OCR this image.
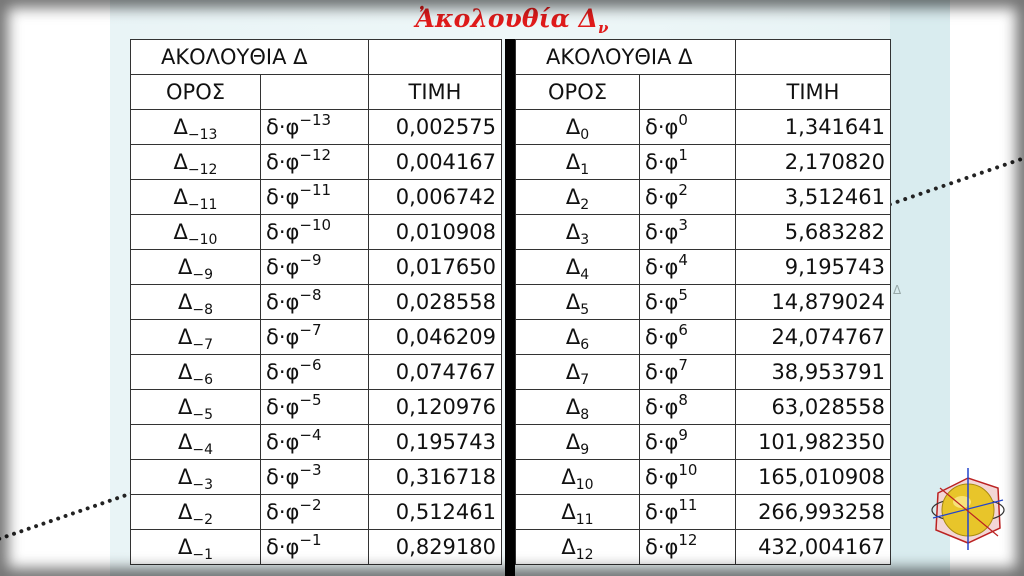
Δ
Ἀκολουθία $\Delta_\nu$
ΑΚΟΛΟΥΘΙΑ Δ		
ΟΡΟΣ		ΤΙΜΗ
$\Delta_{-13}$	$\delta\cdot\varphi^{-13}$	0,002575
$\Delta_{-12}$	$\delta\cdot\varphi^{-12}$	0,004167
$\Delta_{-11}$	$\delta\cdot\varphi^{-11}$	0,006742
$\Delta_{-10}$	$\delta\cdot\varphi^{-10}$	0,010908
$\Delta_{-9}$	$\delta\cdot\varphi^{-9}$	0,017650
$\Delta_{-8}$	$\delta\cdot\varphi^{-8}$	0,028558
$\Delta_{-7}$	$\delta\cdot\varphi^{-7}$	0,046209
$\Delta_{-6}$	$\delta\cdot\varphi^{-6}$	0,074767
$\Delta_{-5}$	$\delta\cdot\varphi^{-5}$	0,120976
$\Delta_{-4}$	$\delta\cdot\varphi^{-4}$	0,195743
$\Delta_{-3}$	$\delta\cdot\varphi^{-3}$	0,316718
$\Delta_{-2}$	$\delta\cdot\varphi^{-2}$	0,512461
$\Delta_{-1}$	$\delta\cdot\varphi^{-1}$	0,829180
ΑΚΟΛΟΥΘΙΑ Δ		
ΟΡΟΣ		ΤΙΜΗ
$\Delta_0$	$\delta\cdot\varphi^0$	1,341641
$\Delta_1$	$\delta\cdot\varphi^1$	2,170820
$\Delta_2$	$\delta\cdot\varphi^2$	3,512461
$\Delta_3$	$\delta\cdot\varphi^3$	5,683282
$\Delta_4$	$\delta\cdot\varphi^4$	9,195743
$\Delta_5$	$\delta\cdot\varphi^5$	14,879024
$\Delta_6$	$\delta\cdot\varphi^6$	24,074767
$\Delta_7$	$\delta\cdot\varphi^7$	38,953791
$\Delta_8$	$\delta\cdot\varphi^8$	63,028558
$\Delta_9$	$\delta\cdot\varphi^9$	101,982350
$\Delta_{10}$	$\delta\cdot\varphi^{10}$	165,010908
$\Delta_{11}$	$\delta\cdot\varphi^{11}$	266,993258
$\Delta_{12}$	$\delta\cdot\varphi^{12}$	432,004167
